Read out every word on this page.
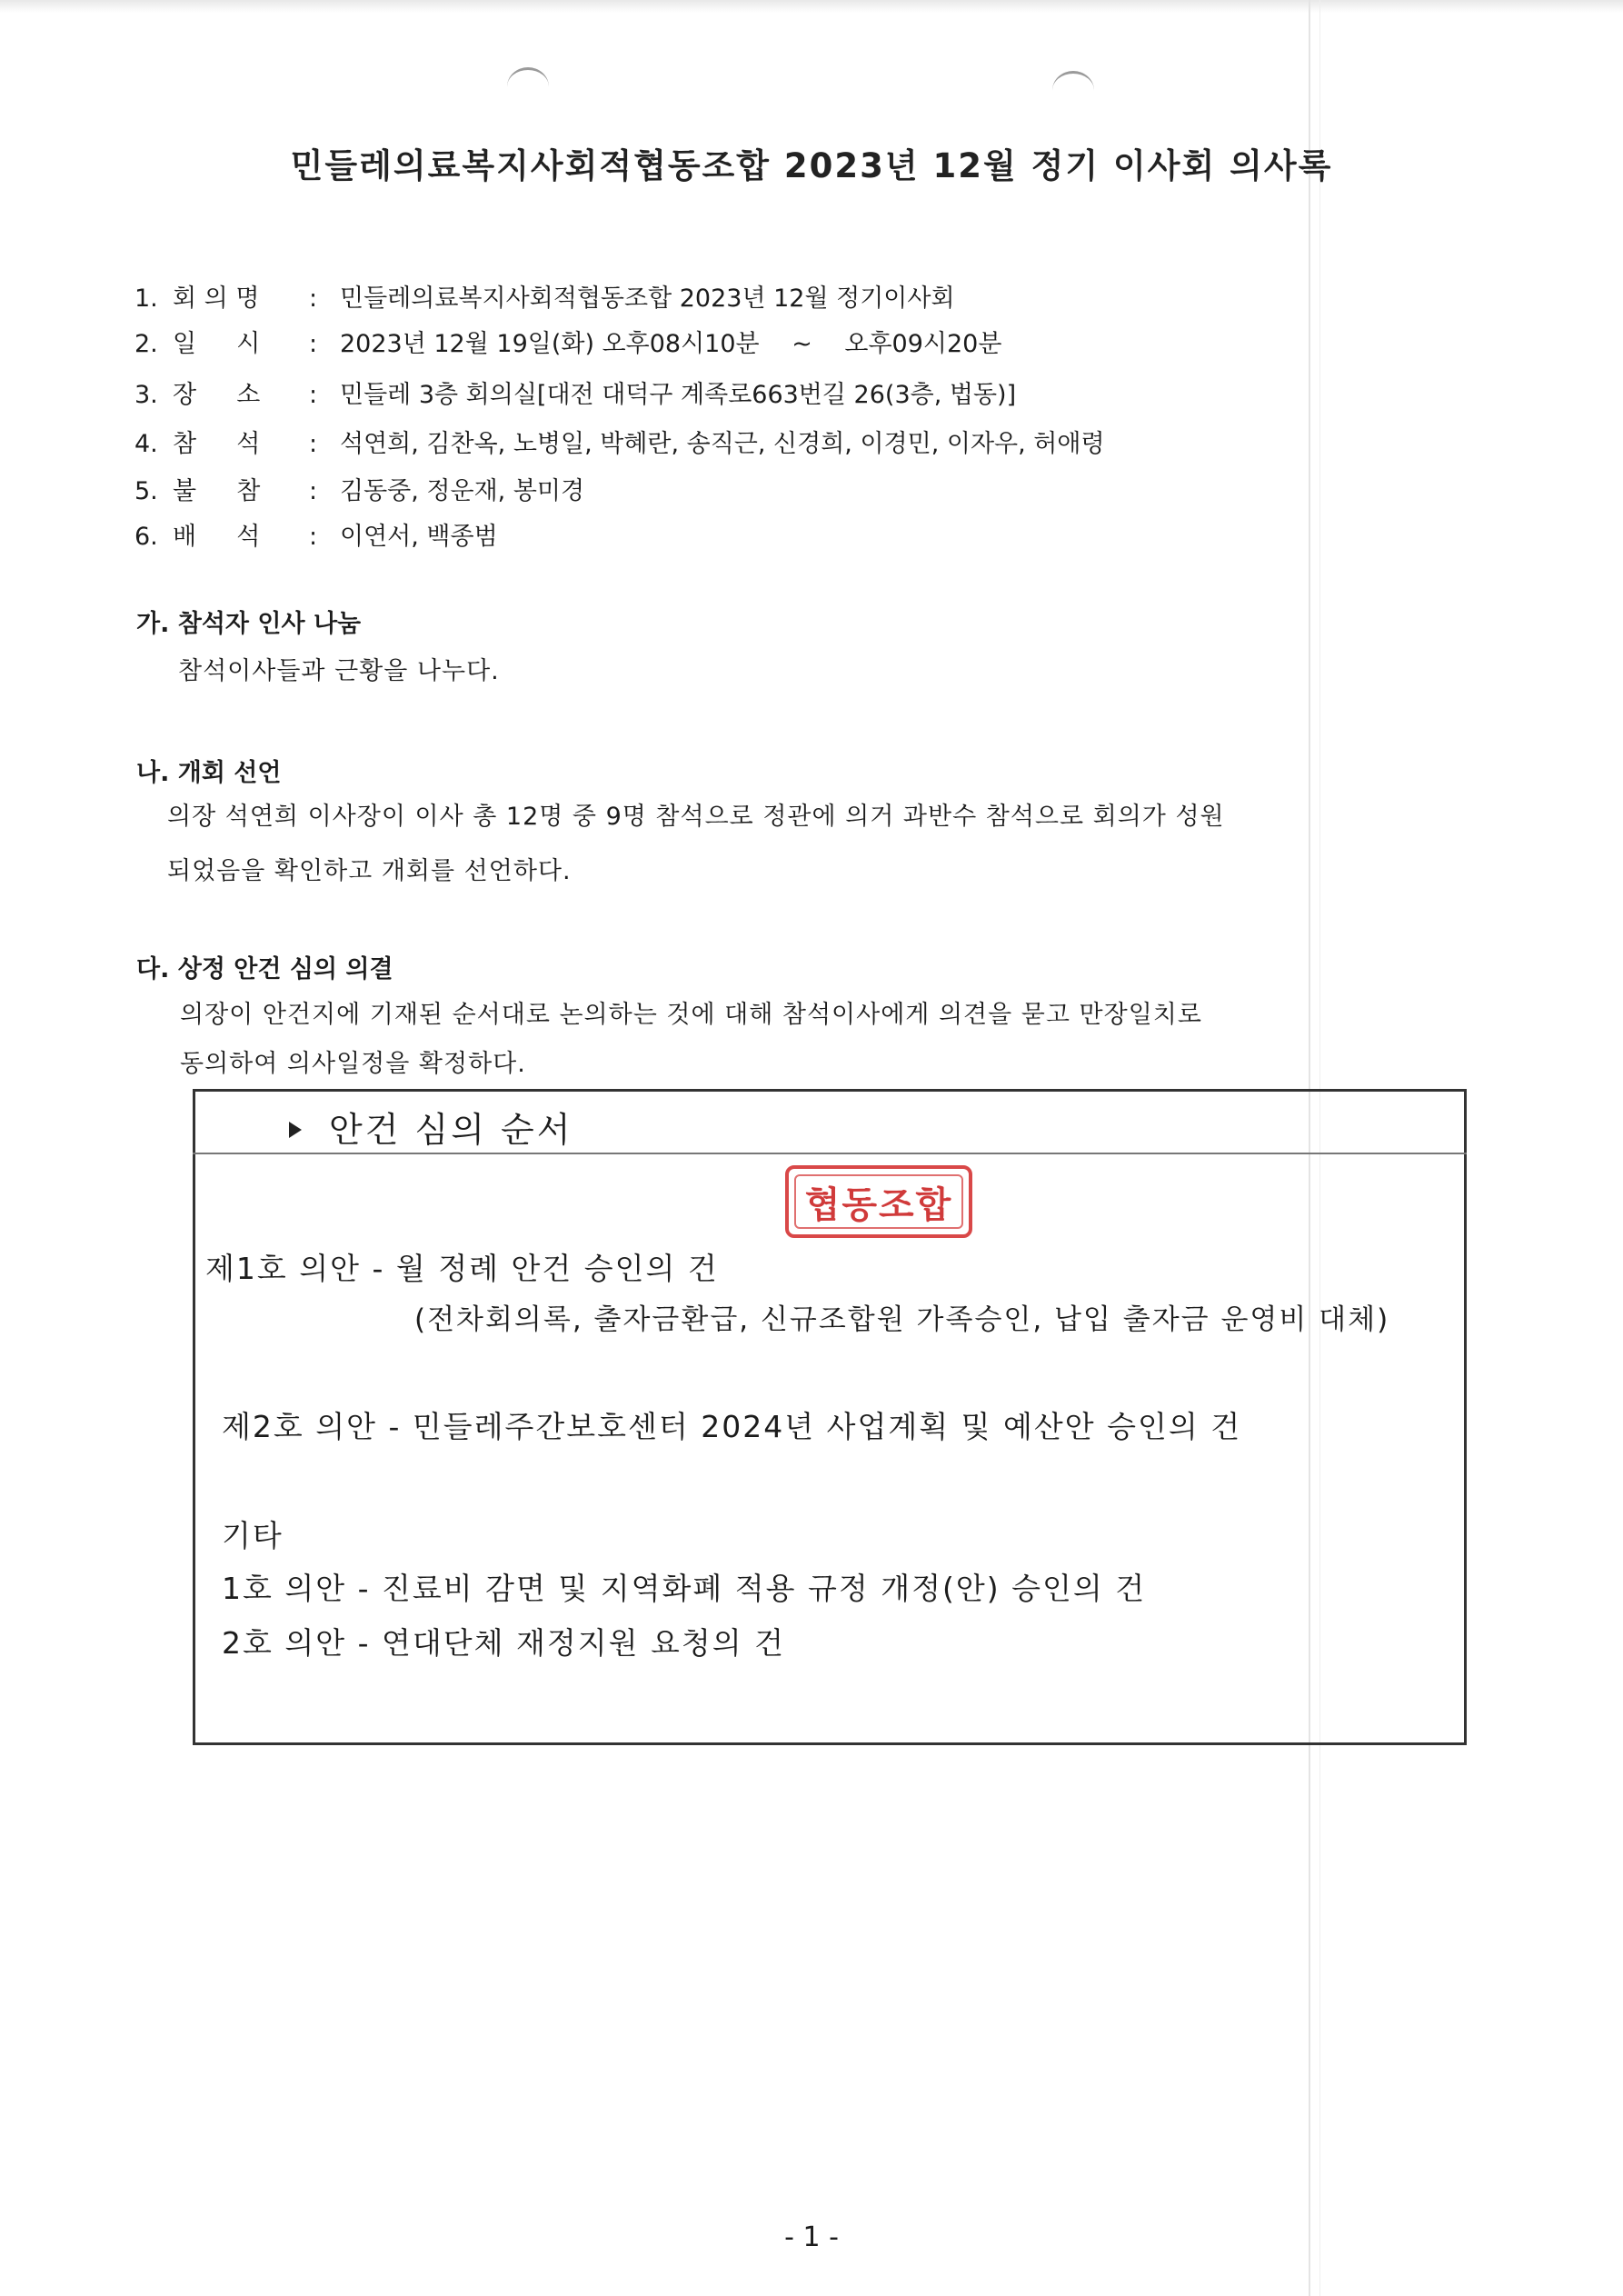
민들레의료복지사회적협동조합 2023년 12월 정기 이사회 의사록
1. 회 의 명 : 민들레의료복지사회적협동조합 2023년 12월 정기이사회
2. 일 　 시 : 2023년 12월 19일(화) 오후08시10분　 ~ 　오후09시20분
3. 장 　 소 : 민들레 3층 회의실[대전 대덕구 계족로663번길 26(3층, 법동)]
4. 참 　 석 : 석연희, 김찬옥, 노병일, 박혜란, 송직근, 신경희, 이경민, 이자우, 허애령
5. 불 　 참 : 김동중, 정운재, 봉미경
6. 배 　 석 : 이연서, 백종범
가. 참석자 인사 나눔
참석이사들과 근황을 나누다.
나. 개회 선언
의장 석연희 이사장이 이사 총 12명 중 9명 참석으로 정관에 의거 과반수 참석으로 회의가 성원
되었음을 확인하고 개회를 선언하다.
다. 상정 안건 심의 의결
의장이 안건지에 기재된 순서대로 논의하는 것에 대해 참석이사에게 의견을 묻고 만장일치로
동의하여 의사일정을 확정하다.
안건 심의 순서
협동조합
제1호 의안 - 월 정례 안건 승인의 건
(전차회의록, 출자금환급, 신규조합원 가족승인, 납입 출자금 운영비 대체)
제2호 의안 - 민들레주간보호센터 2024년 사업계획 및 예산안 승인의 건
기타
1호 의안 - 진료비 감면 및 지역화폐 적용 규정 개정(안) 승인의 건
2호 의안 - 연대단체 재정지원 요청의 건
- 1 -
